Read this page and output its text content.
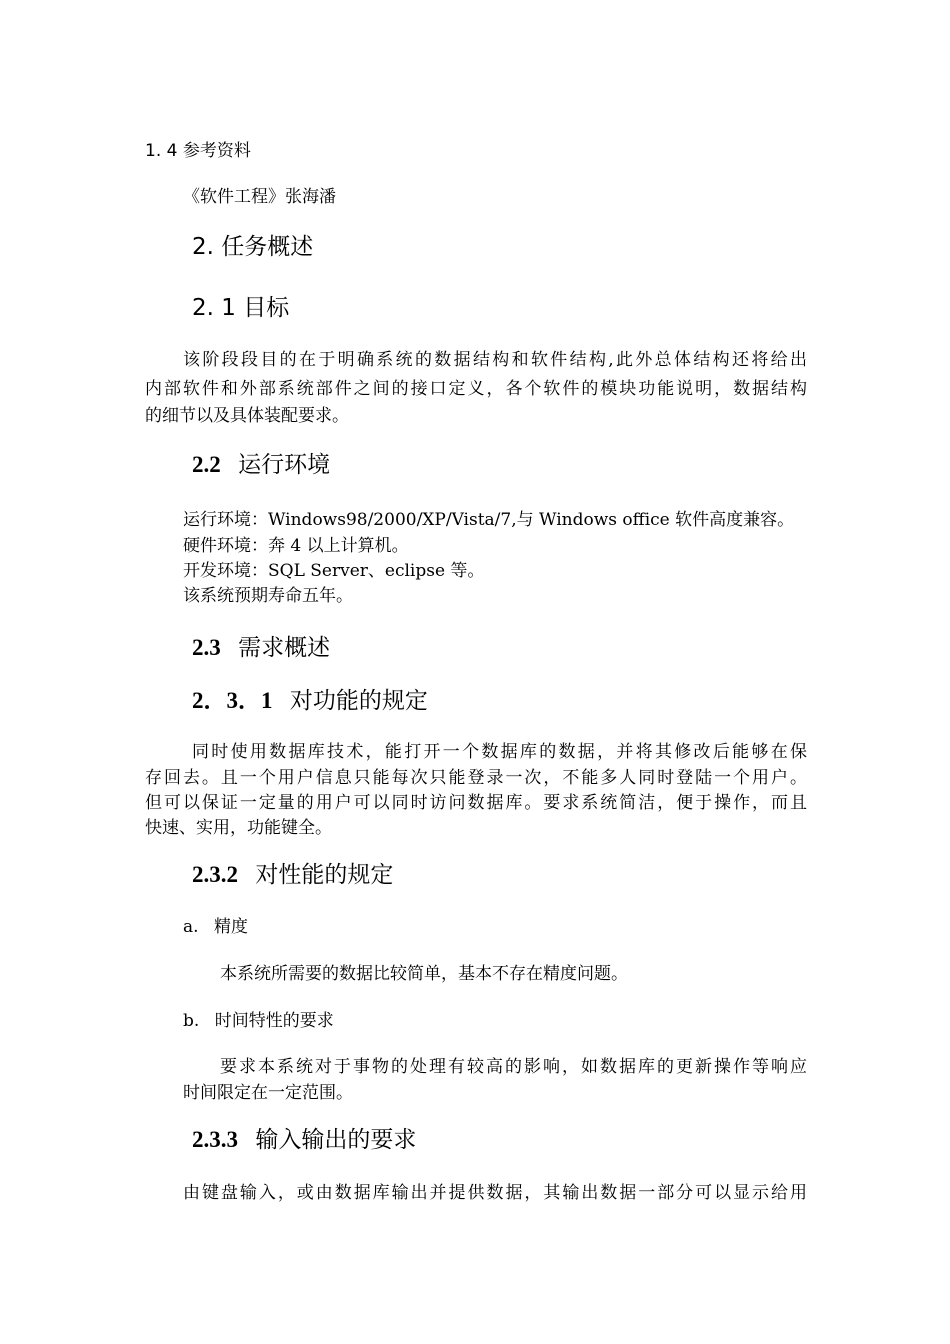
1. 4 参考资料
《软件工程》张海潘
2. 任务概述
2. 1 目标
该阶段段目的在于明确系统的数据结构和软件结构,此外总体结构还将给出
内部软件和外部系统部件之间的接口定义，各个软件的模块功能说明，数据结构
的细节以及具体装配要求。
2.2 运行环境
运行环境：Windows98/2000/XP/Vista/7,与 Windows office 软件高度兼容。
硬件环境：奔 4 以上计算机。
开发环境：SQL Server、eclipse 等。
该系统预期寿命五年。
2.3 需求概述
2．3．1 对功能的规定
同时使用数据库技术，能打开一个数据库的数据，并将其修改后能够在保
存回去。且一个用户信息只能每次只能登录一次，不能多人同时登陆一个用户。
但可以保证一定量的用户可以同时访问数据库。要求系统简洁，便于操作，而且
快速、实用，功能键全。
2.3.2 对性能的规定
a. 精度
本系统所需要的数据比较简单，基本不存在精度问题。
b. 时间特性的要求
要求本系统对于事物的处理有较高的影响，如数据库的更新操作等响应
时间限定在一定范围。
2.3.3 输入输出的要求
由键盘输入，或由数据库输出并提供数据，其输出数据一部分可以显示给用
